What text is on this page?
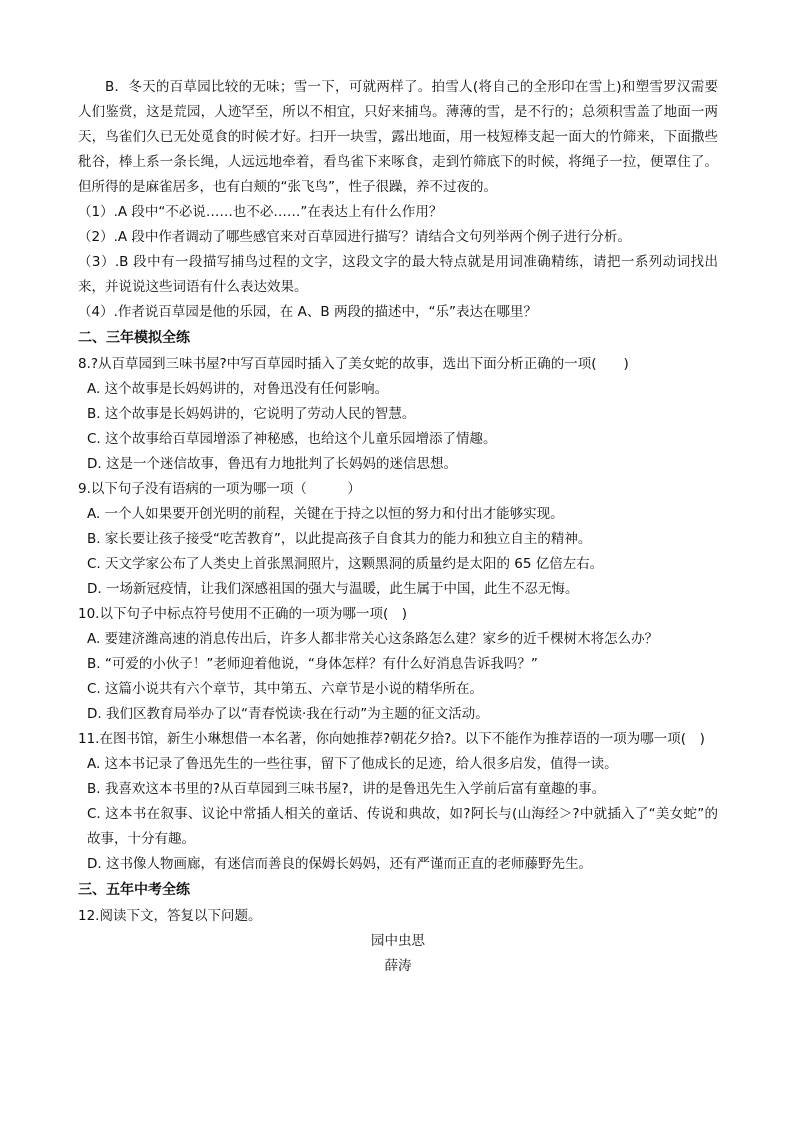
B．冬天的百草园比较的无味；雪一下，可就两样了。拍雪人(将自己的全形印在雪上)和塑雪罗汉需要人们鉴赏，这是荒园，人迹罕至，所以不相宜，只好来捕鸟。薄薄的雪，是不行的；总须积雪盖了地面一两天，鸟雀们久已无处觅食的时候才好。扫开一块雪，露出地面，用一枝短棒支起一面大的竹筛来，下面撒些秕谷，棒上系一条长绳，人远远地牵着，看鸟雀下来啄食，走到竹筛底下的时候，将绳子一拉，便罩住了。但所得的是麻雀居多，也有白颊的“张飞鸟”，性子很躁，养不过夜的。

（1）.A 段中“不必说……也不必……”在表达上有什么作用？

（2）.A 段中作者调动了哪些感官来对百草园进行描写？请结合文句列举两个例子进行分析。

（3）.B 段中有一段描写捕鸟过程的文字，这段文字的最大特点就是用词准确精练，请把一系列动词找出来，并说说这些词语有什么表达效果。

（4）.作者说百草园是他的乐园，在 A、B 两段的描述中，“乐”表达在哪里？

二、三年模拟全练

8.?从百草园到三味书屋?中写百草园时插入了美女蛇的故事，选出下面分析正确的一项(　　)

A. 这个故事是长妈妈讲的，对鲁迅没有任何影响。

B. 这个故事是长妈妈讲的，它说明了劳动人民的智慧。

C. 这个故事给百草园增添了神秘感，也给这个儿童乐园增添了情趣。

D. 这是一个迷信故事，鲁迅有力地批判了长妈妈的迷信思想。

9.以下句子没有语病的一项为哪一项（　　　）

A. 一个人如果要开创光明的前程，关键在于持之以恒的努力和付出才能够实现。

B. 家长要让孩子接受“吃苦教育”，以此提高孩子自食其力的能力和独立自主的精神。

C. 天文学家公布了人类史上首张黑洞照片，这颗黑洞的质量约是太阳的 65 亿倍左右。

D. 一场新冠疫情，让我们深感祖国的强大与温暖，此生属于中国，此生不忍无悔。

10.以下句子中标点符号使用不正确的一项为哪一项(　)

A. 要建济潍高速的消息传出后，许多人都非常关心这条路怎么建？家乡的近千棵树木将怎么办？

B. “可爱的小伙子！”老师迎着他说，“身体怎样？有什么好消息告诉我吗？”

C. 这篇小说共有六个章节，其中第五、六章节是小说的精华所在。

D. 我们区教育局举办了以“青春悦读·我在行动”为主题的征文活动。

11.在图书馆，新生小琳想借一本名著，你向她推荐?朝花夕拾?。以下不能作为推荐语的一项为哪一项(　)

A. 这本书记录了鲁迅先生的一些往事，留下了他成长的足迹，给人很多启发，值得一读。

B. 我喜欢这本书里的?从百草园到三味书屋?，讲的是鲁迅先生入学前后富有童趣的事。

C. 这本书在叙事、议论中常插人相关的童话、传说和典故，如?阿长与(山海经＞?中就插入了“美女蛇”的故事，十分有趣。

D. 这书像人物画廊，有迷信而善良的保姆长妈妈，还有严谨而正直的老师藤野先生。

三、五年中考全练

12.阅读下文，答复以下问题。

园中虫思

薛涛
